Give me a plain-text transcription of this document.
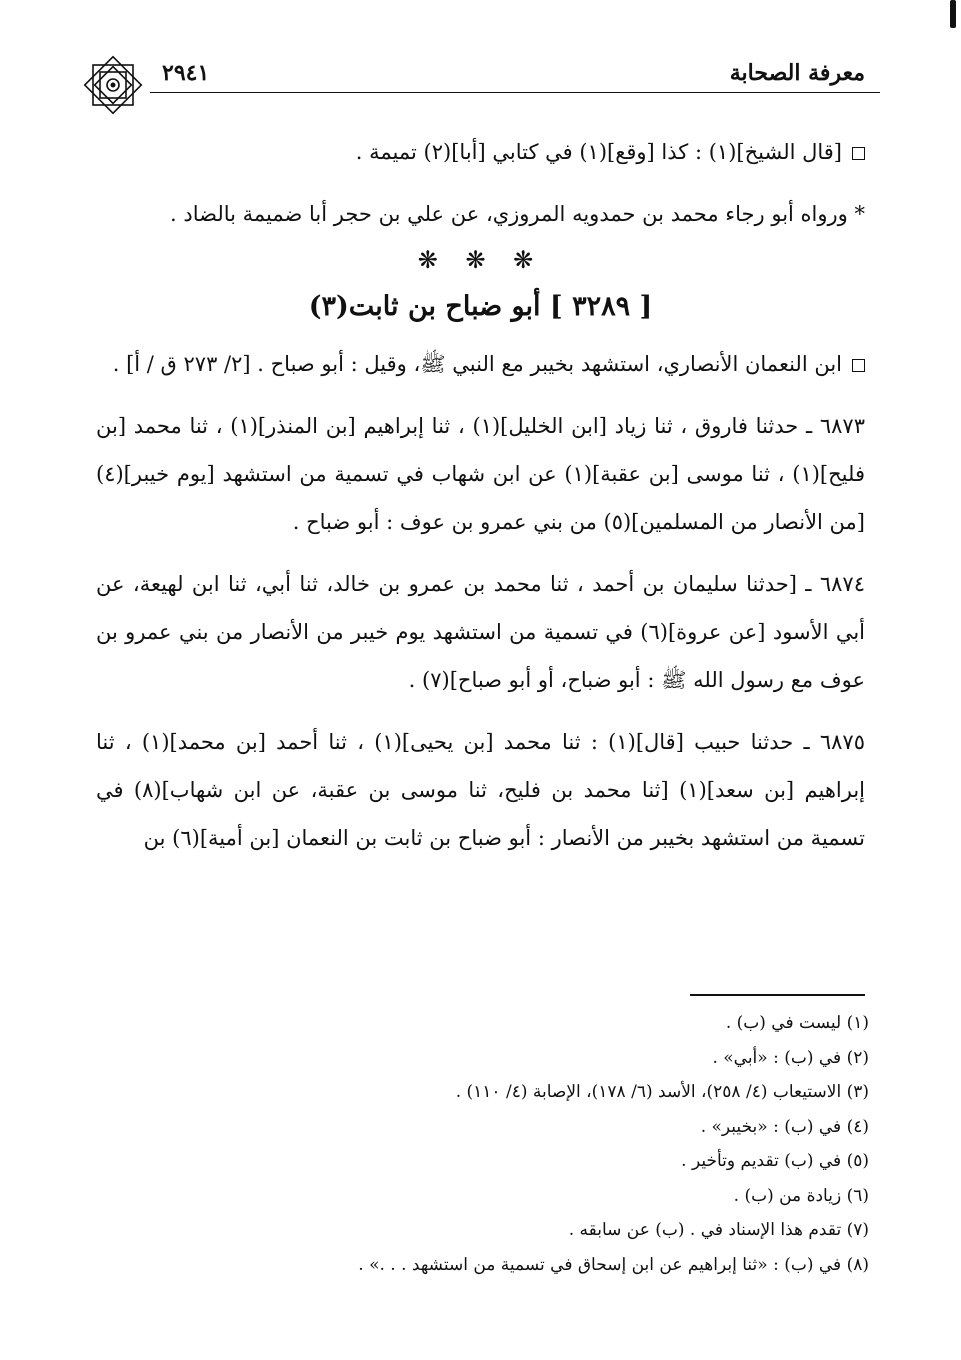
معرفة الصحابة
٢٩٤١

[قال الشيخ](١) : كذا [وقع](١) في كتابي [أبا](٢) تميمة .

* ورواه أبو رجاء محمد بن حمدويه المروزي، عن علي بن حجر أبا ضميمة بالضاد .

❋ ❋ ❋
[ ٣٢٨٩ ] أبو ضباح بن ثابت(٣)

ابن النعمان الأنصاري، استشهد بخيبر مع النبي ﷺ، وقيل : أبو صباح . [٢/ ٢٧٣ ق / أ] .

٦٨٧٣ ـ حدثنا فاروق ، ثنا زياد [ابن الخليل](١) ، ثنا إبراهيم [بن المنذر](١) ، ثنا محمد [بن فليح](١) ، ثنا موسى [بن عقبة](١) عن ابن شهاب في تسمية من استشهد [يوم خيبر](٤) [من الأنصار من المسلمين](٥) من بني عمرو بن عوف : أبو ضباح .

٦٨٧٤ ـ [حدثنا سليمان بن أحمد ، ثنا محمد بن عمرو بن خالد، ثنا أبي، ثنا ابن لهيعة، عن أبي الأسود [عن عروة](٦) في تسمية من استشهد يوم خيبر من الأنصار من بني عمرو بن عوف مع رسول الله ﷺ : أبو ضباح، أو أبو صباح](٧) .

٦٨٧٥ ـ حدثنا حبيب [قال](١) : ثنا محمد [بن يحيى](١) ، ثنا أحمد [بن محمد](١) ، ثنا إبراهيم [بن سعد](١) [ثنا محمد بن فليح، ثنا موسى بن عقبة، عن ابن شهاب](٨) في تسمية من استشهد بخيبر من الأنصار : أبو ضباح بن ثابت بن النعمان [بن أمية](٦) بن

(١) ليست في (ب) .

(٢) في (ب) : «أبي» .

(٣) الاستيعاب (٤/ ٢٥٨)، الأسد (٦/ ١٧٨)، الإصابة (٤/ ١١٠) .

(٤) في (ب) : «بخيبر» .

(٥) في (ب) تقديم وتأخير .

(٦) زيادة من (ب) .

(٧) تقدم هذا الإسناد في . (ب) عن سابقه .

(٨) في (ب) : «ثنا إبراهيم عن ابن إسحاق في تسمية من استشهد . . .» .
